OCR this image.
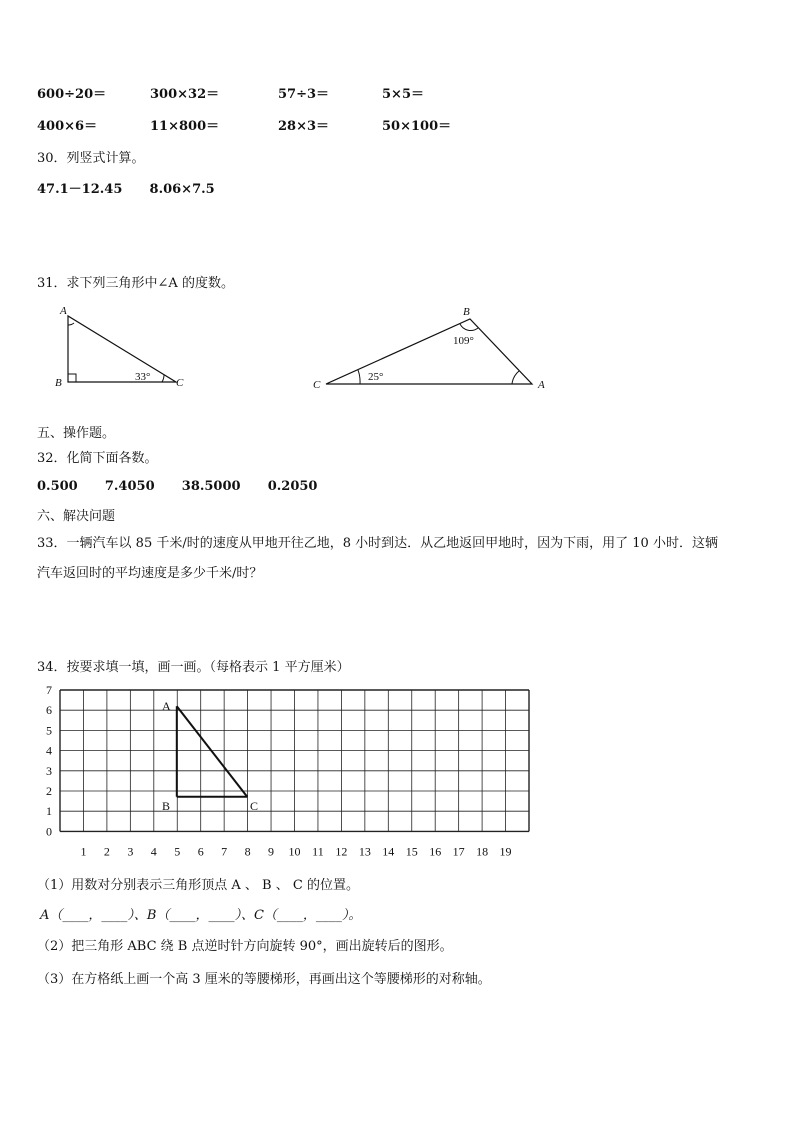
600÷20＝	300×32＝	57÷3＝	5×5＝
400×6＝	11×800＝	28×3＝	50×100＝
30．列竖式计算。
47.1－12.45      8.06×7.5
31．求下列三角形中∠A 的度数。
A
B	C
33°
B
C	A
109°
25°
五、操作题。
32．化简下面各数。
0.500      7.4050      38.5000      0.2050
六、解决问题
33．一辆汽车以 85 千米/时的速度从甲地开往乙地，8 小时到达．从乙地返回甲地时，因为下雨，用了 10 小时．这辆
汽车返回时的平均速度是多少千米/时？
34．按要求填一填，画一画。（每格表示 1 平方厘米）
0
1
2
3
4
5
6
7
1 2 3 4 5 6 7 8 9 10 11 12 13 14 15 16 17 18 19
A
B	C
（1）用数对分别表示三角形顶点 A 、 B 、 C 的位置。
A（____，____）、B（____，____）、C（____，____）。
（2）把三角形 ABC 绕 B 点逆时针方向旋转 90°，画出旋转后的图形。
（3）在方格纸上画一个高 3 厘米的等腰梯形，再画出这个等腰梯形的对称轴。
